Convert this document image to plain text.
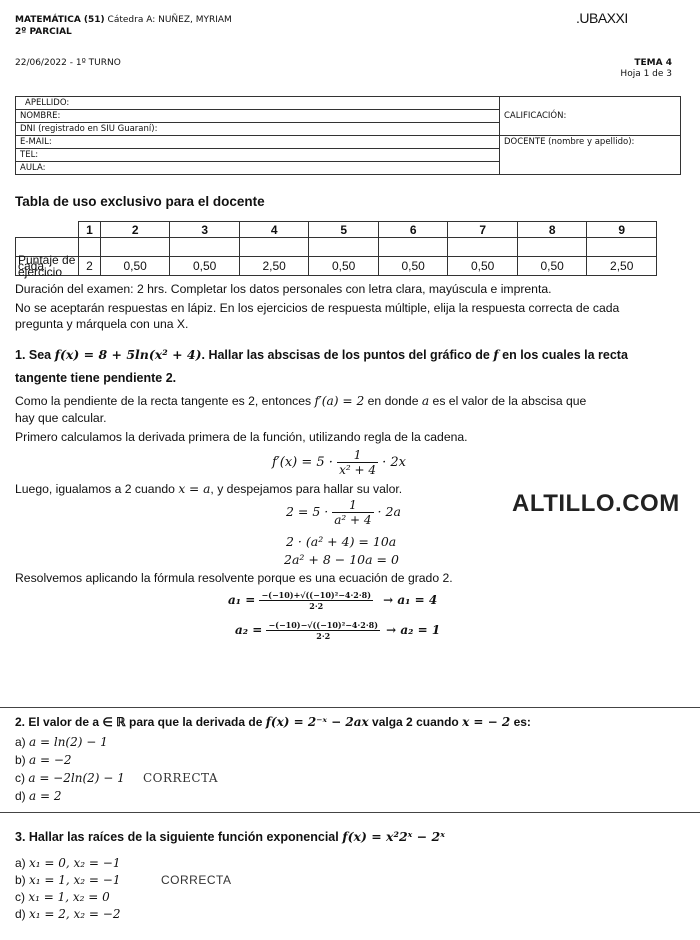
MATEMÁTICA (51) Cátedra A: NUÑEZ, MYRIAM
2º PARCIAL
.UBAXXI
22/06/2022 - 1º TURNO	TEMA 4
Hoja 1 de 3
APELLIDO:	CALIFICACIÓN:
NOMBRE:	
DNI (registrado en SIU Guaraní):	
E-MAIL:	DOCENTE (nombre y apellido):
TEL:	
AULA:	
Tabla de uso exclusivo para el docente
	1	2	3	4	5	6	7	8	9

Puntaje de cada ejercicio	2	0,50	0,50	2,50	0,50	0,50	0,50	0,50	2,50
Duración del examen: 2 hrs. Completar los datos personales con letra clara, mayúscula e imprenta.
No se aceptarán respuestas en lápiz. En los ejercicios de respuesta múltiple, elija la respuesta correcta de cada
pregunta y márquela con una X.
1. Sea f(x) = 8 + 5ln(x² + 4). Hallar las abscisas de los puntos del gráfico de f en los cuales la recta
tangente tiene pendiente 2.
Como la pendiente de la recta tangente es 2, entonces f′(a) = 2 en donde a es el valor de la abscisa que
hay que calcular.
Primero calculamos la derivada primera de la función, utilizando regla de la cadena.
$f'(x) = 5 \cdot \frac{1}{\text{x² + 4}} \cdot 2x$
Luego, igualamos a 2 cuando x = a, y despejamos para hallar su valor.
$2 = 5 \cdot \frac{1}{\text{a² + 4}} \cdot 2a$
2 · (a² + 4) = 10a
2a² + 8 − 10a = 0
Resolvemos aplicando la fórmula resolvente porque es una ecuación de grado 2.
$a_1 = \frac{\text{−(−10)+√((−10)²−4·2·8)}}{2\cdot 2} \to a_1 = 4$
$a_2 = \frac{\text{−(−10)−√((−10)²−4·2·8)}}{2\cdot 2} \to a_2 = 1$
ALTILLO.COM
2. El valor de a ∈ ℝ para que la derivada de f(x) = 2⁻ˣ − 2ax valga 2 cuando x = − 2 es:
a) a = ln(2) − 1
b) a = −2
c) a = −2ln(2) − 1 CORRECTA
d) a = 2
3. Hallar las raíces de la siguiente función exponencial f(x) = x²2ˣ − 2ˣ
a) x₁ = 0, x₂ = −1
b) x₁ = 1, x₂ = −1	CORRECTA
c) x₁ = 1, x₂ = 0
d) x₁ = 2, x₂ = −2
